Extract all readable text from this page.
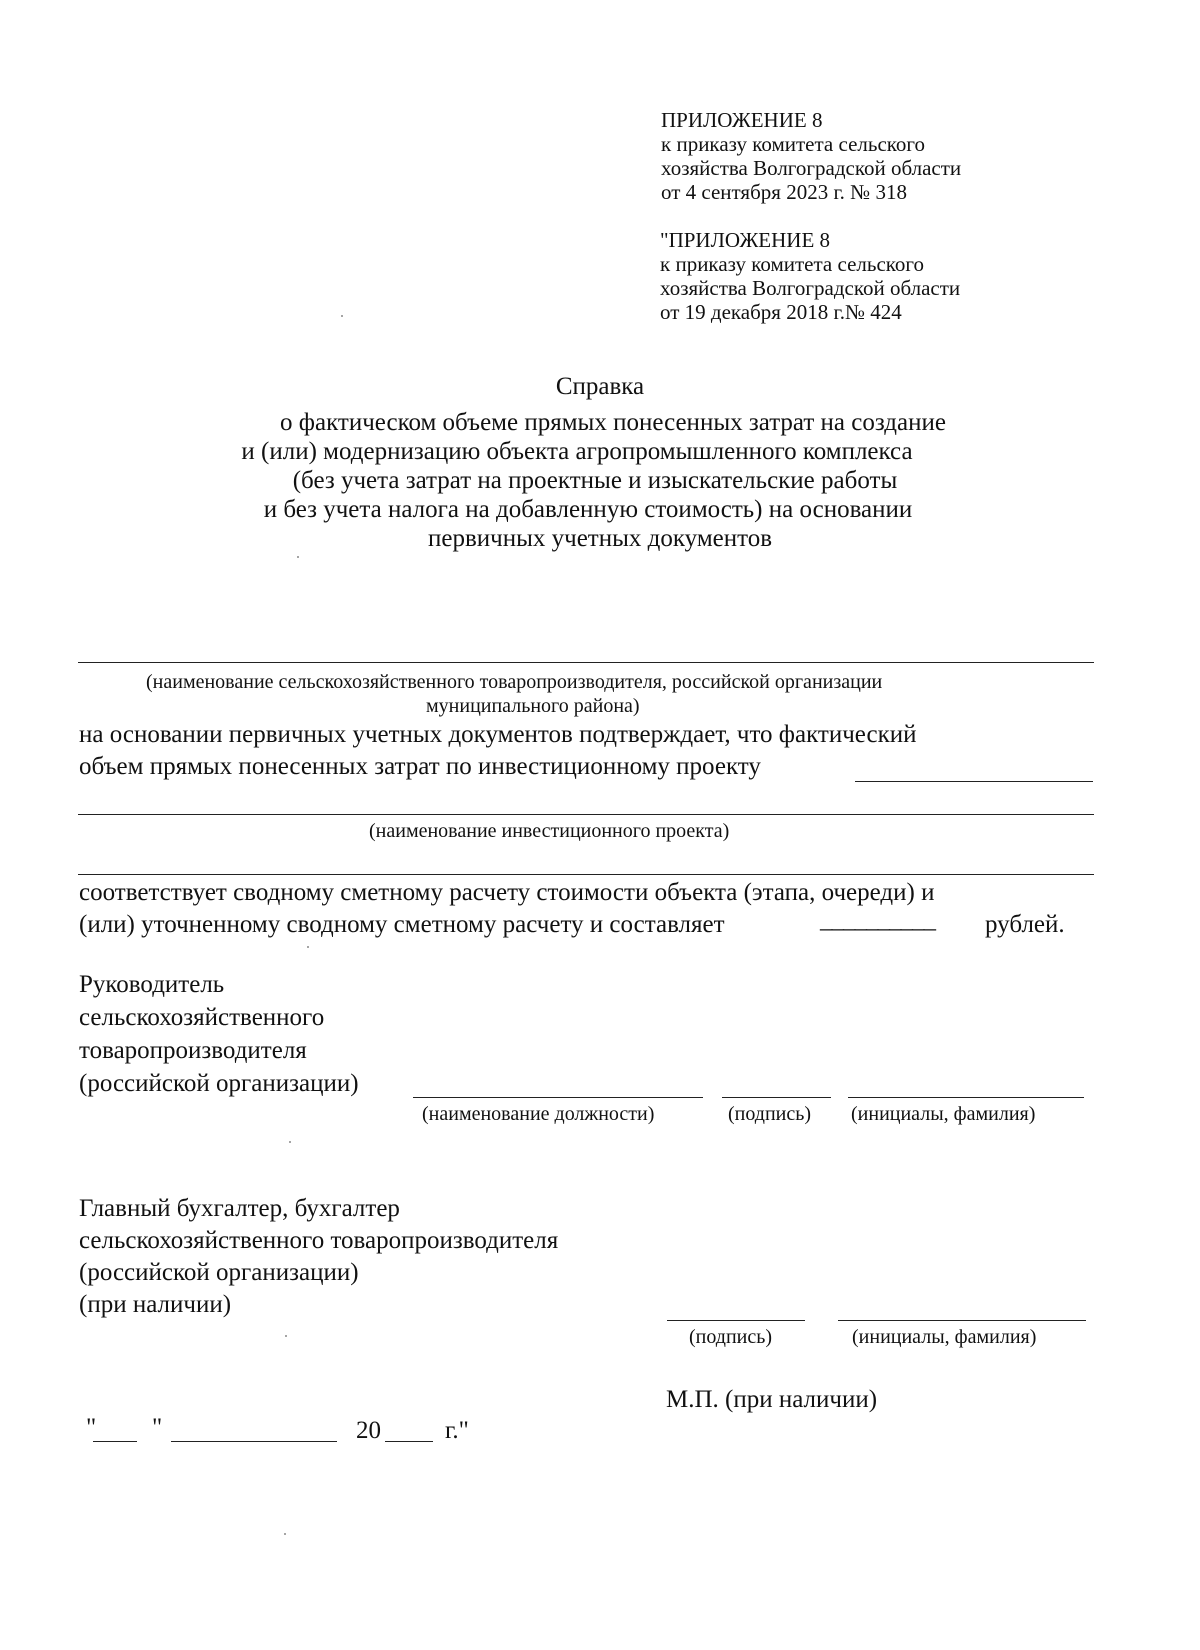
ПРИЛОЖЕНИЕ 8
к приказу комитета сельского
хозяйства Волгоградской области
от 4 сентября 2023 г. № 318
"ПРИЛОЖЕНИЕ 8
к приказу комитета сельского
хозяйства Волгоградской области
от 19 декабря 2018 г.№ 424
Справка
о фактическом объеме прямых понесенных затрат на создание
и (или) модернизацию объекта агропромышленного комплекса
(без учета затрат на проектные и изыскательские работы
и без учета налога на добавленную стоимость) на основании
первичных учетных документов
(наименование сельскохозяйственного товаропроизводителя, российской организации
муниципального района)
на основании первичных учетных документов подтверждает, что фактический
объем прямых понесенных затрат по инвестиционному проекту
(наименование инвестиционного проекта)
соответствует сводному сметному расчету стоимости объекта (этапа, очереди) и
(или) уточненному сводному сметному расчету и составляет	__________ рублей.
Руководитель
сельскохозяйственного
товаропроизводителя
(российской организации)
(наименование должности)	(подпись) (инициалы, фамилия)
Главный бухгалтер, бухгалтер
сельскохозяйственного товаропроизводителя
(российской организации)
(при наличии)
(подпись)	(инициалы, фамилия)
М.П. (при наличии)
" "	20	г."
